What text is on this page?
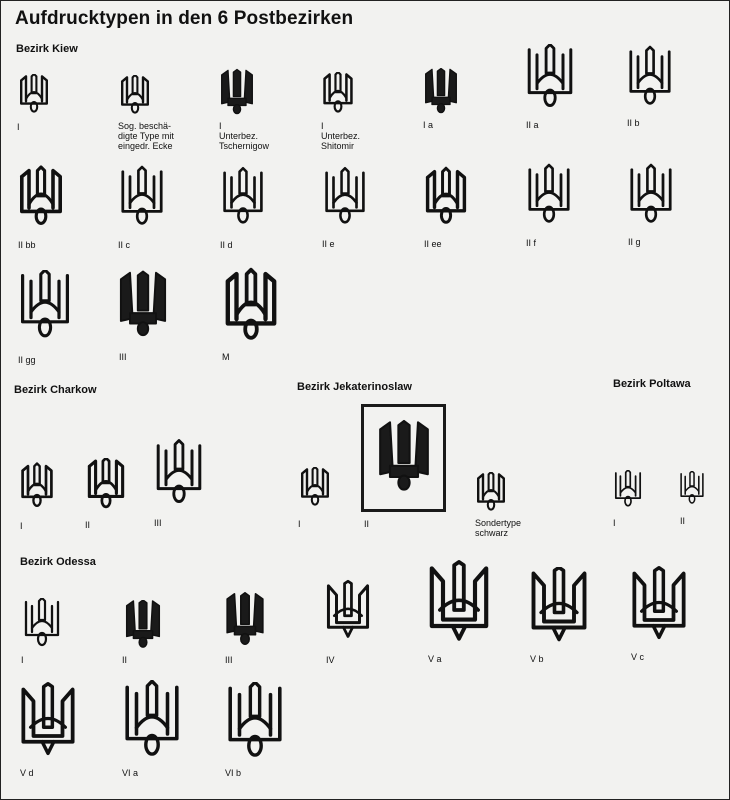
Aufdrucktypen in den 6 Postbezirken
Bezirk Kiew
Bezirk Charkow	Bezirk Jekaterinoslaw	Bezirk Poltawa
Bezirk Odessa
I	Sog. beschä-
digte Type mit
eingedr. Ecke
I
Unterbez.
Tschernigow
I
Unterbez.
Shitomir
I a	II a	II b
II bb	II c	II d	II e	II ee	II f	II g
II gg	III	M
I	II	III	I	II	Sondertype
schwarz
I	II
I	II	III	IV	V a	V b	V c
V d	VI a	VI b
